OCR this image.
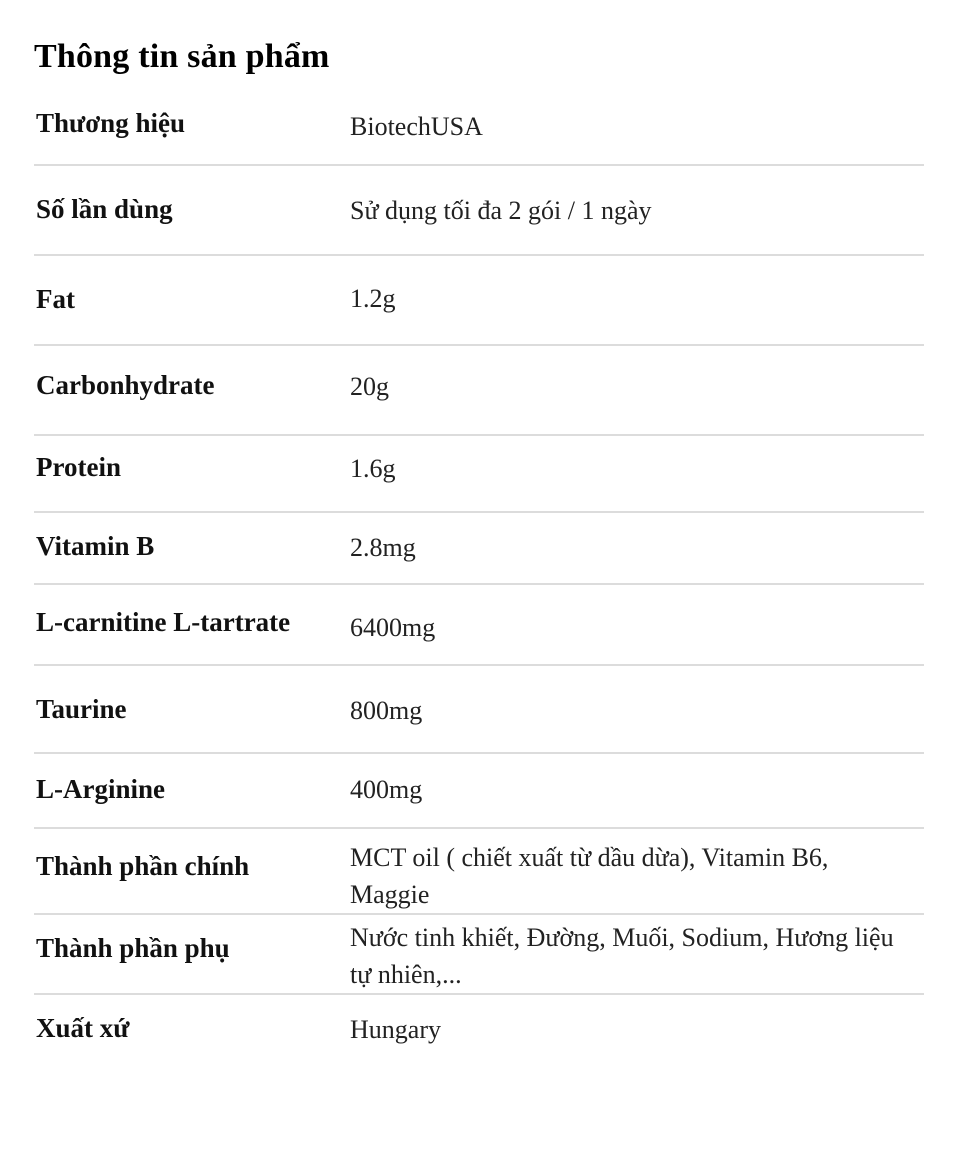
Thông tin sản phẩm
Thương hiệu	BiotechUSA
Số lần dùng	Sử dụng tối đa 2 gói / 1 ngày
Fat	1.2g
Carbonhydrate	20g
Protein	1.6g
Vitamin B	2.8mg
L-carnitine L-tartrate 6400mg
Taurine	800mg
L-Arginine	400mg
Thành phần chính	MCT oil ( chiết xuất từ dầu dừa), Vitamin B6, Maggie
Thành phần phụ	Nước tinh khiết, Đường, Muối, Sodium, Hương liệu tự nhiên,...
Xuất xứ	Hungary
